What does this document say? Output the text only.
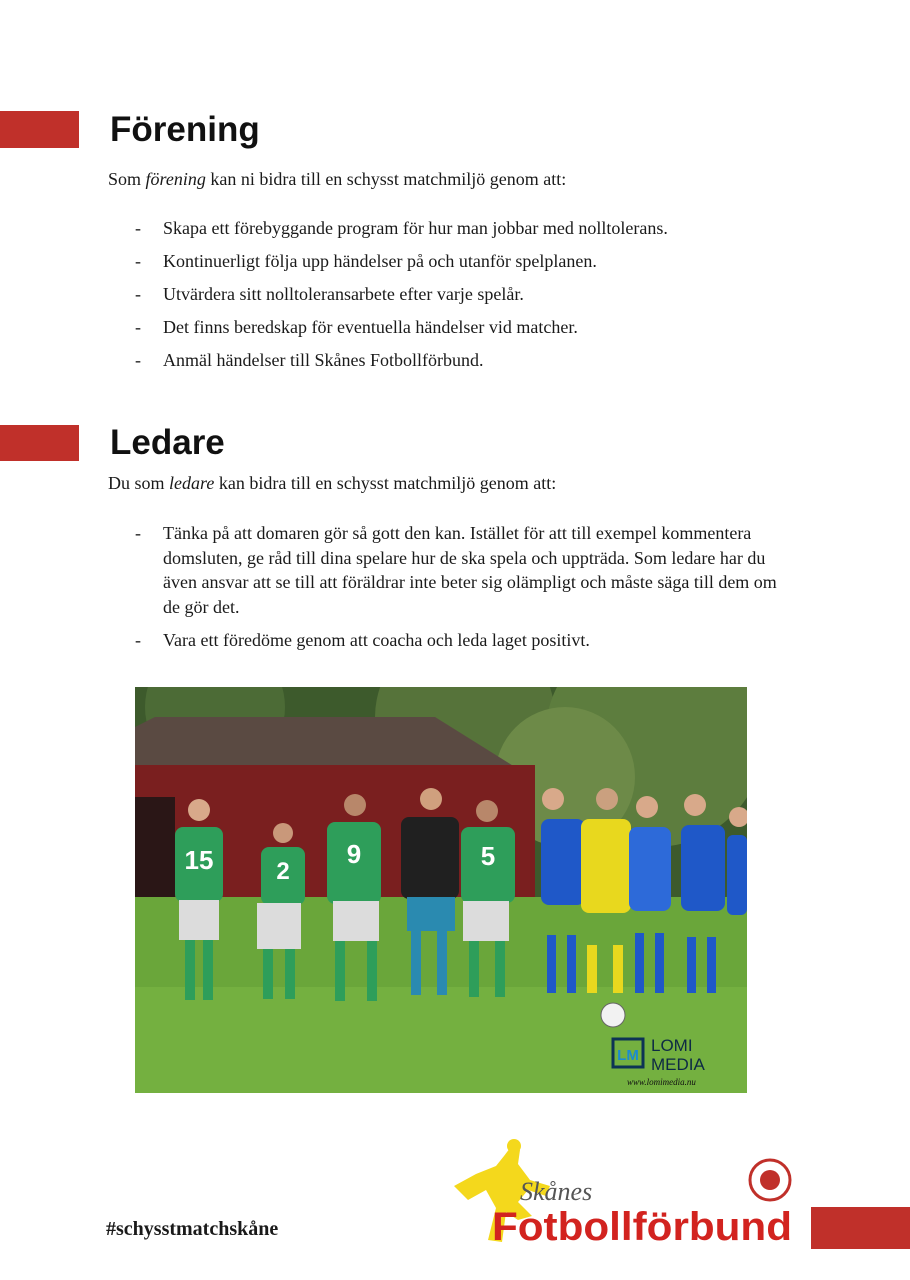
Förening

Som förening kan ni bidra till en schysst matchmiljö genom att:

- Skapa ett förebyggande program för hur man jobbar med nolltolerans.
- Kontinuerligt följa upp händelser på och utanför spelplanen.
- Utvärdera sitt nolltoleransarbete efter varje spelår.
- Det finns beredskap för eventuella händelser vid matcher.
- Anmäl händelser till Skånes Fotbollförbund.
Ledare

Du som ledare kan bidra till en schysst matchmiljö genom att:

- Tänka på att domaren gör så gott den kan. Istället för att till exempel kommentera domsluten, ge råd till dina spelare hur de ska spela och uppträda. Som ledare har du även ansvar att se till att föräldrar inte beter sig olämpligt och måste säga till dem om de gör det.
- Vara ett föredöme genom att coacha och leda laget positivt.
15	2
9	5
LM
LOMI
MEDIA
www.lomimedia.nu

#schysstmatchskåne

Skånes
Fotbollförbund
